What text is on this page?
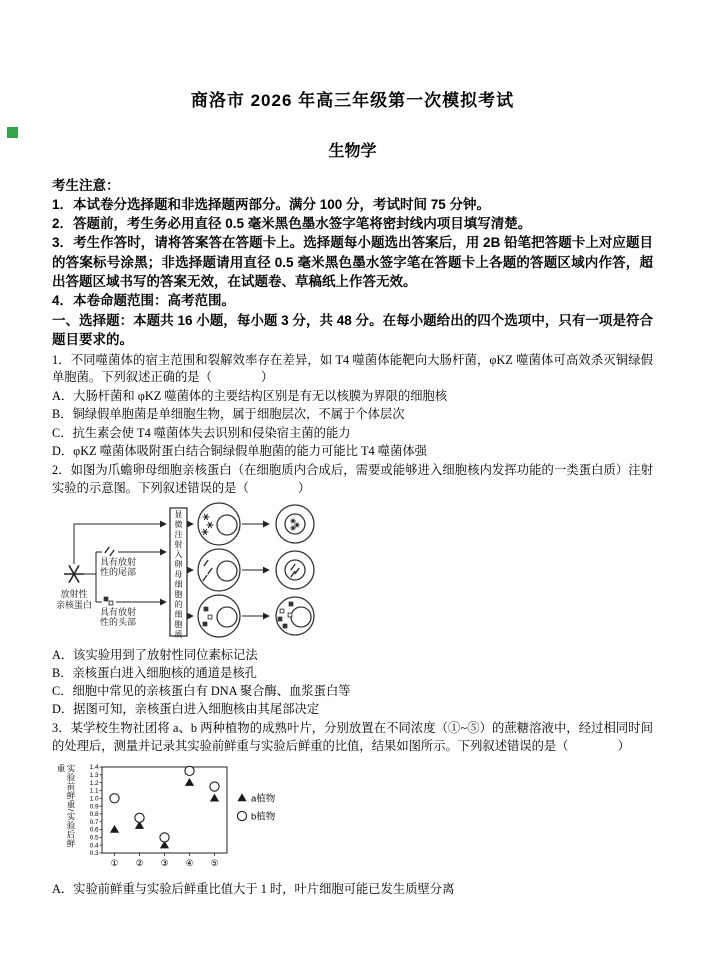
商洛市 2026 年高三年级第一次模拟考试
生物学
考生注意：
1．本试卷分选择题和非选择题两部分。满分 100 分，考试时间 75 分钟。
2．答题前，考生务必用直径 0.5 毫米黑色墨水签字笔将密封线内项目填写清楚。
3．考生作答时，请将答案答在答题卡上。选择题每小题选出答案后，用 2B 铅笔把答题卡上对应题目的答案标号涂黑；非选择题请用直径 0.5 毫米黑色墨水签字笔在答题卡上各题的答题区域内作答，超出答题区域书写的答案无效，在试题卷、草稿纸上作答无效。
4．本卷命题范围：高考范围。
一、选择题：本题共 16 小题，每小题 3 分，共 48 分。在每小题给出的四个选项中，只有一项是符合题目要求的。
1．不同噬菌体的宿主范围和裂解效率存在差异，如 T4 噬菌体能靶向大肠杆菌，φKZ 噬菌体可高效杀灭铜绿假单胞菌。下列叙述正确的是（　　　　）
A．大肠杆菌和 φKZ 噬菌体的主要结构区别是有无以核膜为界限的细胞核
B．铜绿假单胞菌是单细胞生物，属于细胞层次，不属于个体层次
C．抗生素会使 T4 噬菌体失去识别和侵染宿主菌的能力
D．φKZ 噬菌体吸附蛋白结合铜绿假单胞菌的能力可能比 T4 噬菌体强
2．如图为爪蟾卵母细胞亲核蛋白（在细胞质内合成后，需要或能够进入细胞核内发挥功能的一类蛋白质）注射实验的示意图。下列叙述错误的是（　　　　）
显微注射入卵母细胞的细胞质
放射性
亲核蛋白
具有放射
性的尾部
具有放射
性的头部
A．该实验用到了放射性同位素标记法
B．亲核蛋白进入细胞核的通道是核孔
C．细胞中常见的亲核蛋白有 DNA 聚合酶、血浆蛋白等
D．据图可知，亲核蛋白进入细胞核由其尾部决定
3．某学校生物社团将 a、b 两种植物的成熟叶片，分别放置在不同浓度（①~⑤）的蔗糖溶液中，经过相同时间的处理后，测量并记录其实验前鲜重与实验后鲜重的比值，结果如图所示。下列叙述错误的是（　　　　）
实验前鲜重/实验后鲜重
0.3
0.4
0.5
0.6
0.7
0.8
0.9
1.0
1.1
1.2
1.3
1.4
① ② ③ ④ ⑤
a植物
b植物
A．实验前鲜重与实验后鲜重比值大于 1 时，叶片细胞可能已发生质壁分离
